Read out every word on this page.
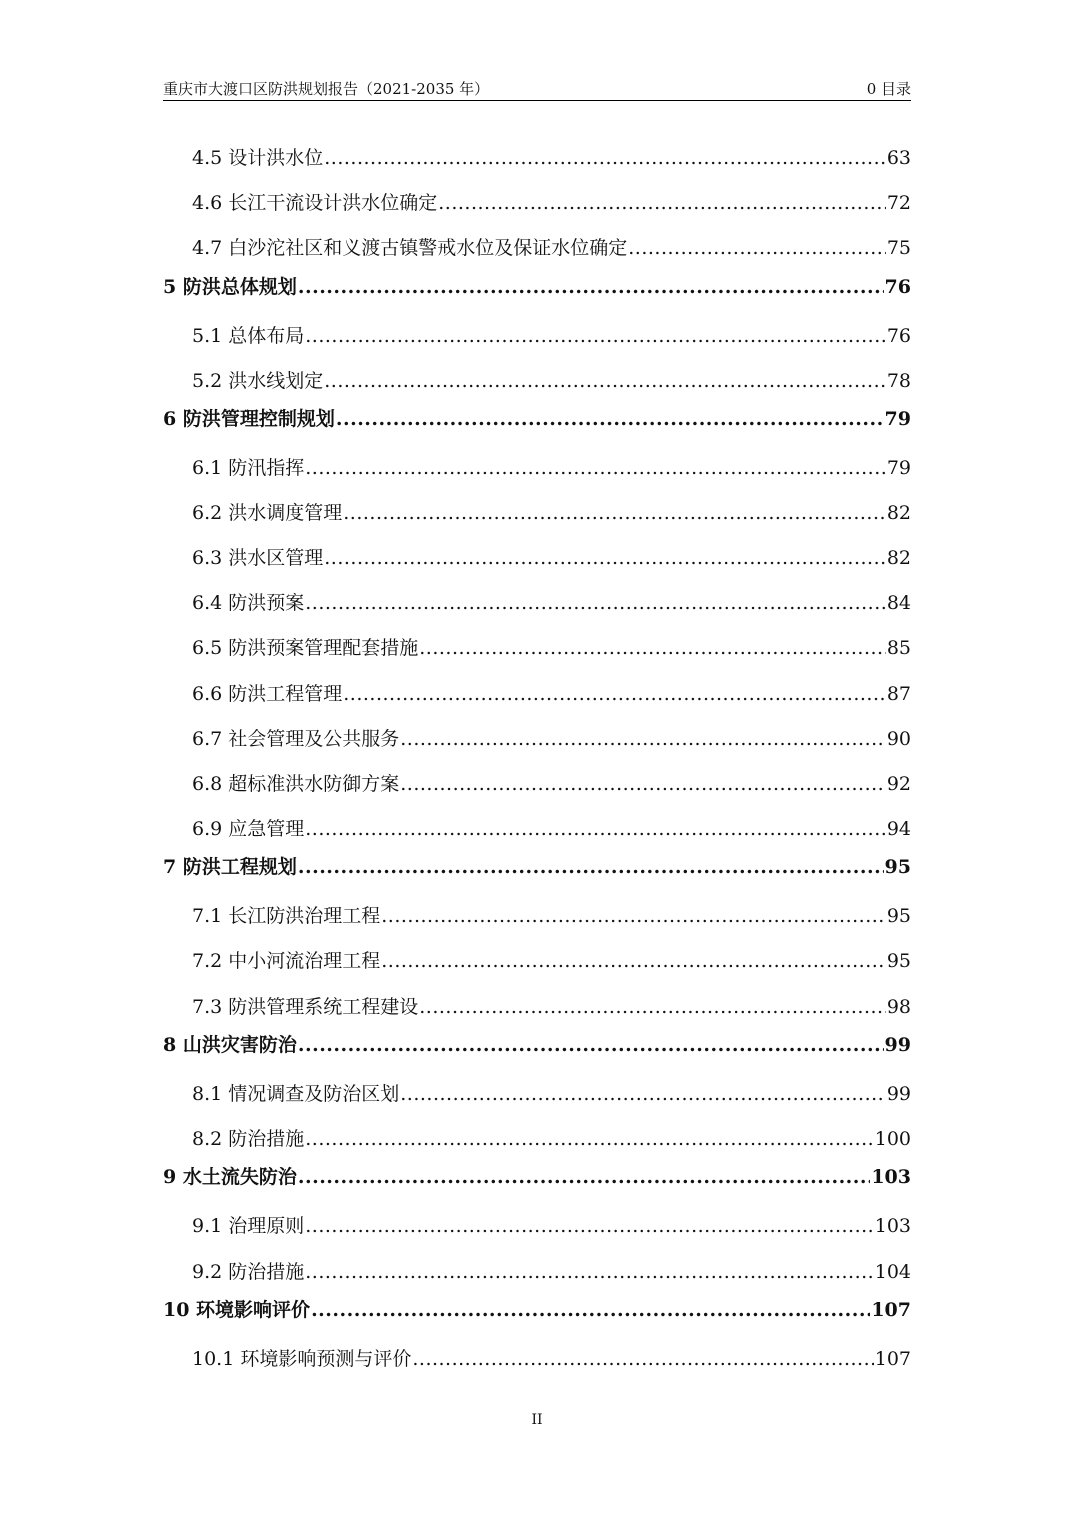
重庆市大渡口区防洪规划报告（2021-2035 年）	0 目录
4.5 设计洪水位 .....	63
4.6 长江干流设计洪水位确定 .....	72
4.7 白沙沱社区和义渡古镇警戒水位及保证水位确定 .....	75
5 防洪总体规划 .....	76
5.1 总体布局 .....	76
5.2 洪水线划定 .....	78
6 防洪管理控制规划 .....	79
6.1 防汛指挥 .....	79
6.2 洪水调度管理 .....	82
6.3 洪水区管理 .....	82
6.4 防洪预案 .....	84
6.5 防洪预案管理配套措施 .....	85
6.6 防洪工程管理 .....	87
6.7 社会管理及公共服务 .....	90
6.8 超标准洪水防御方案 .....	92
6.9 应急管理 .....	94
7 防洪工程规划 .....	95
7.1 长江防洪治理工程 .....	95
7.2 中小河流治理工程 .....	95
7.3 防洪管理系统工程建设 .....	98
8 山洪灾害防治 .....	99
8.1 情况调查及防治区划 .....	99
8.2 防治措施 .....	100
9 水土流失防治 .....	103
9.1 治理原则 .....	103
9.2 防治措施 .....	104
10 环境影响评价 .....	107
10.1 环境影响预测与评价 .....	107
II
